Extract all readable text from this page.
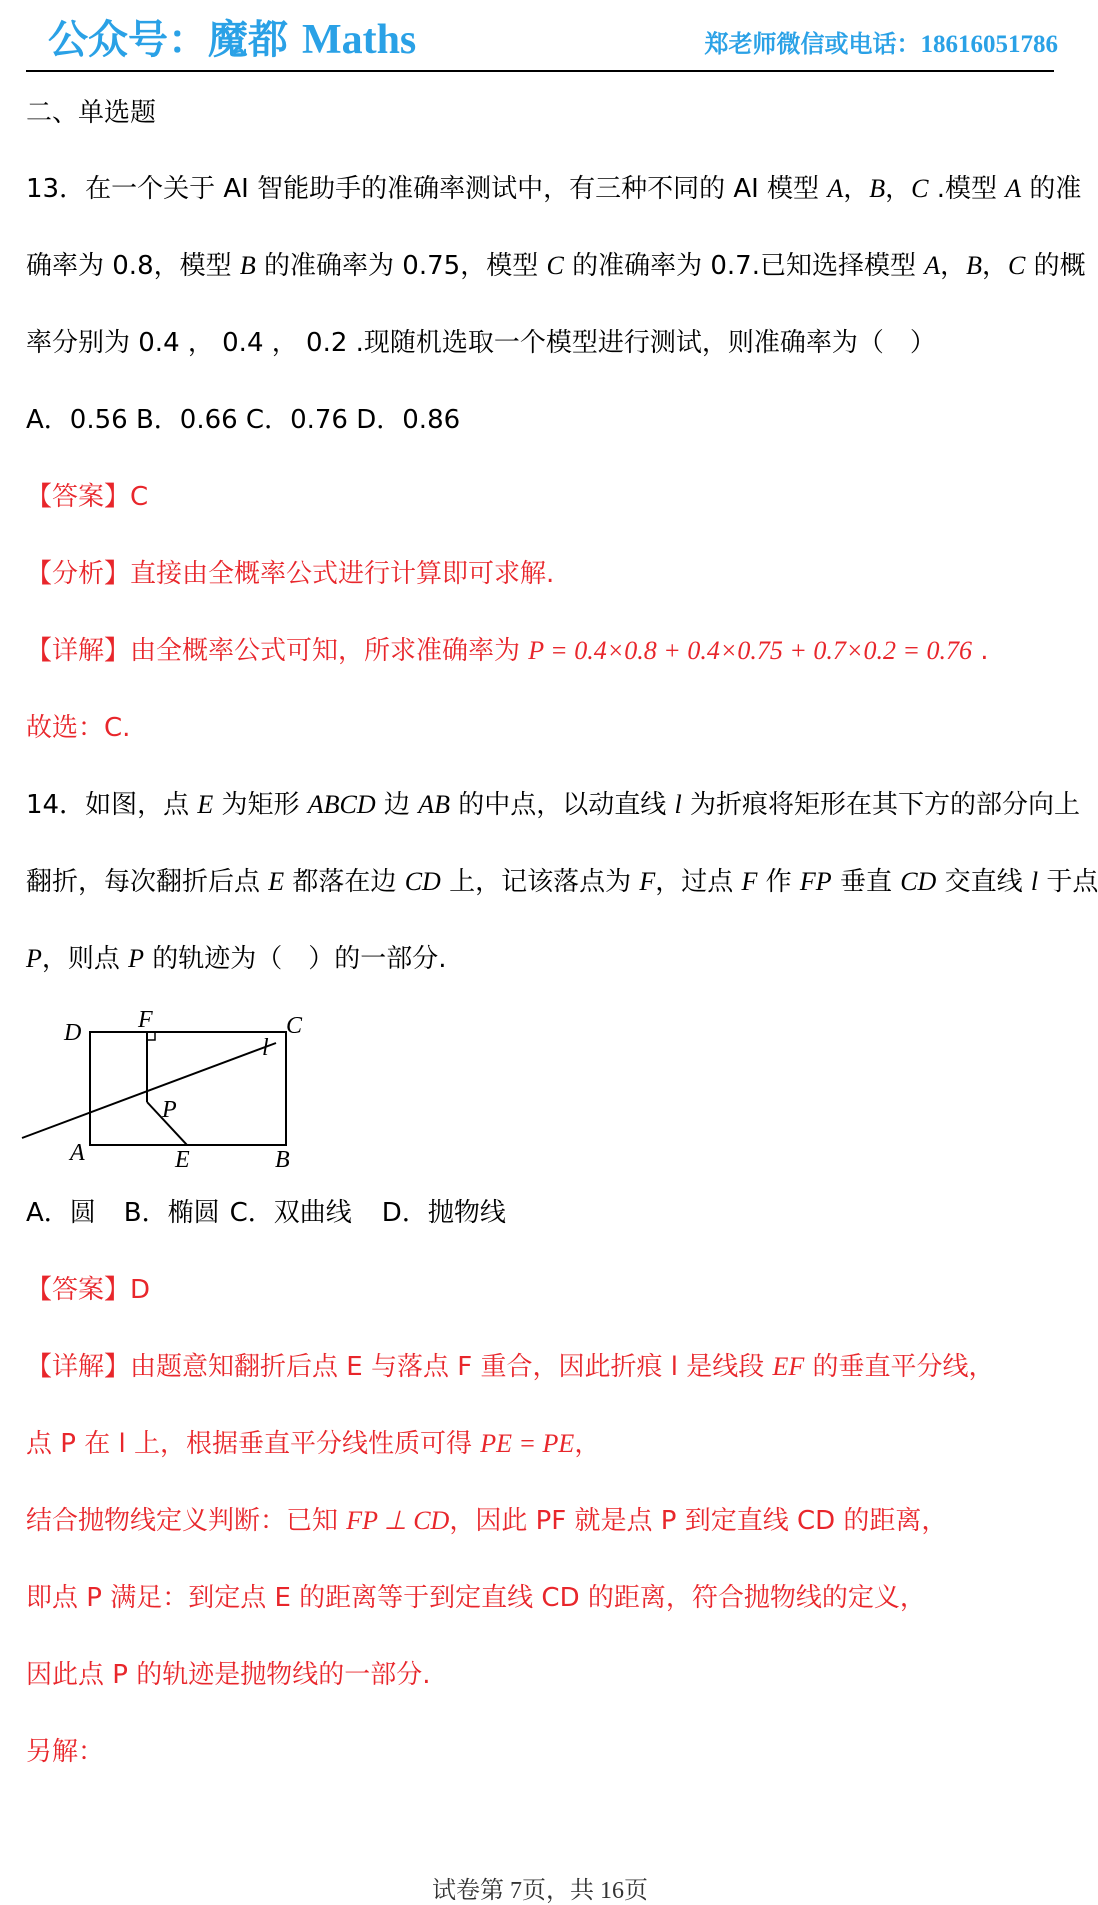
公众号：魔都 Maths	郑老师微信或电话：18616051786
二、单选题
13．在一个关于 AI 智能助手的准确率测试中，有三种不同的 AI 模型 A，B，C .模型 A 的准
确率为 0.8，模型 B 的准确率为 0.75，模型 C 的准确率为 0.7.已知选择模型 A，B，C 的概
率分别为 0.4 ， 0.4 ， 0.2 .现随机选取一个模型进行测试，则准确率为（　）
A．0.56 B．0.66 C．0.76 D．0.86
【答案】C
【分析】直接由全概率公式进行计算即可求解.
【详解】由全概率公式可知，所求准确率为 P = 0.4×0.8 + 0.4×0.75 + 0.7×0.2 = 0.76 .
故选：C.
14．如图，点 E 为矩形 ABCD 边 AB 的中点，以动直线 l 为折痕将矩形在其下方的部分向上
翻折，每次翻折后点 E 都落在边 CD 上，记该落点为 F，过点 F 作 FP 垂直 CD 交直线 l 于点
P，则点 P 的轨迹为（　）的一部分.
D F	C
l
P
A	E	B
A．圆 B．椭圆 C．双曲线 D．抛物线
【答案】D
【详解】由题意知翻折后点 E 与落点 F 重合，因此折痕 l 是线段 EF 的垂直平分线，
点 P 在 l 上，根据垂直平分线性质可得 PE = PE，
结合抛物线定义判断：已知 FP ⊥ CD，因此 PF 就是点 P 到定直线 CD 的距离，
即点 P 满足：到定点 E 的距离等于到定直线 CD 的距离，符合抛物线的定义，
因此点 P 的轨迹是抛物线的一部分.
另解：
试卷第 7页，共 16页
